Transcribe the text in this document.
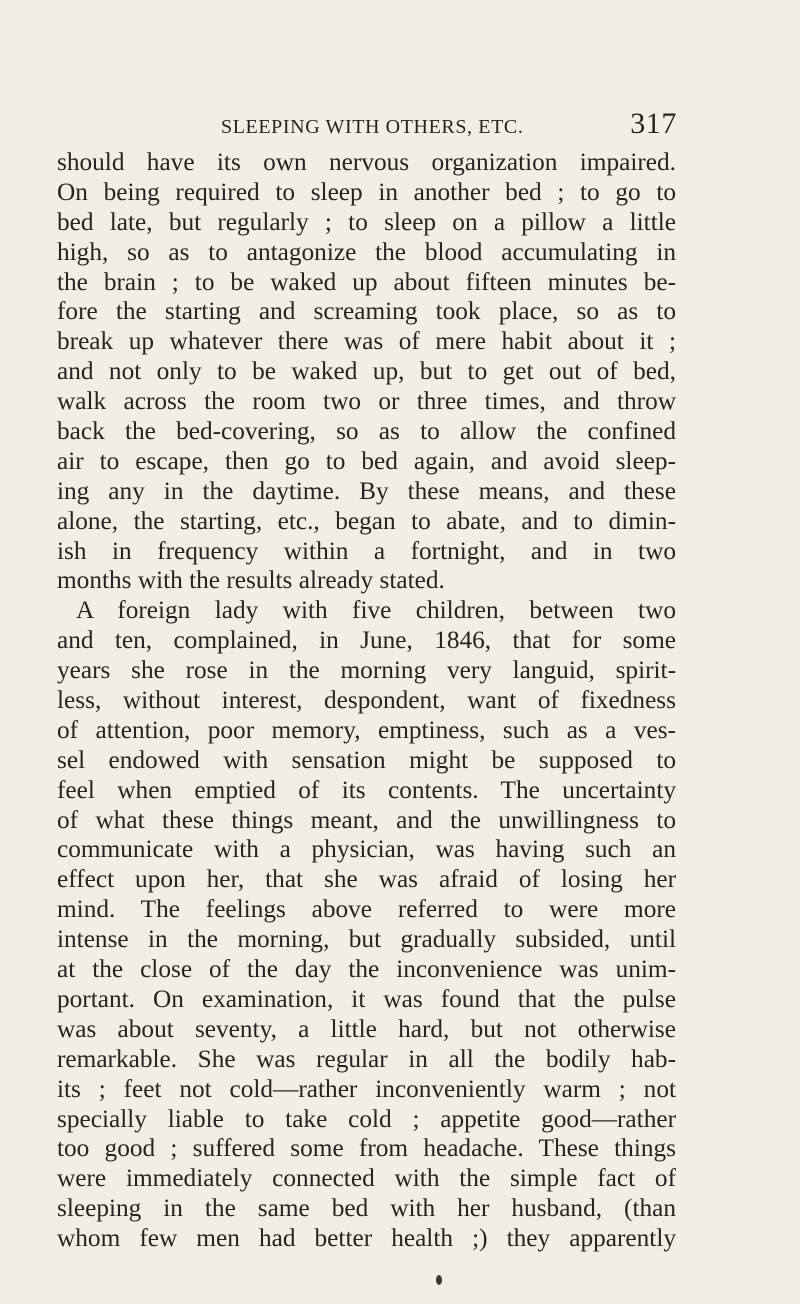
SLEEPING WITH OTHERS, ETC.	317
should have its own nervous organization impaired.
On being required to sleep in another bed ; to go to
bed late, but regularly ; to sleep on a pillow a little
high, so as to antagonize the blood accumulating in
the brain ; to be waked up about fifteen minutes be-
fore the starting and screaming took place, so as to
break up whatever there was of mere habit about it ;
and not only to be waked up, but to get out of bed,
walk across the room two or three times, and throw
back the bed-covering, so as to allow the confined
air to escape, then go to bed again, and avoid sleep-
ing any in the daytime. By these means, and these
alone, the starting, etc., began to abate, and to dimin-
ish in frequency within a fortnight, and in two
months with the results already stated.
A foreign lady with five children, between two
and ten, complained, in June, 1846, that for some
years she rose in the morning very languid, spirit-
less, without interest, despondent, want of fixedness
of attention, poor memory, emptiness, such as a ves-
sel endowed with sensation might be supposed to
feel when emptied of its contents. The uncertainty
of what these things meant, and the unwillingness to
communicate with a physician, was having such an
effect upon her, that she was afraid of losing her
mind. The feelings above referred to were more
intense in the morning, but gradually subsided, until
at the close of the day the inconvenience was unim-
portant. On examination, it was found that the pulse
was about seventy, a little hard, but not otherwise
remarkable. She was regular in all the bodily hab-
its ; feet not cold—rather inconveniently warm ; not
specially liable to take cold ; appetite good—rather
too good ; suffered some from headache. These things
were immediately connected with the simple fact of
sleeping in the same bed with her husband, (than
whom few men had better health ;) they apparently
